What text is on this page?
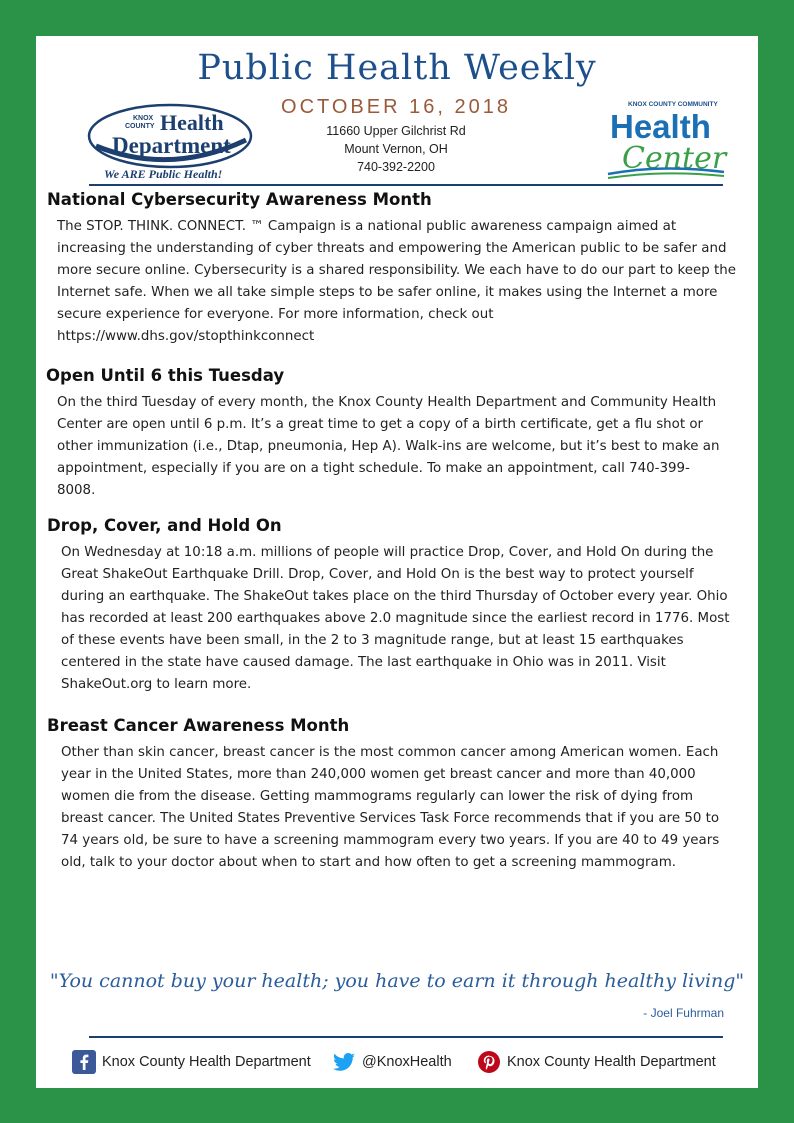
Public Health Weekly
KNOX
COUNTY Health
Department
We ARE Public Health!
OCTOBER 16, 2018
11660 Upper Gilchrist Rd
Mount Vernon, OH
740-392-2200
KNOX COUNTY COMMUNITY
Health
Center
National Cybersecurity Awareness Month

The STOP. THINK. CONNECT. ™ Campaign is a national public awareness campaign aimed at
increasing the understanding of cyber threats and empowering the American public to be safer and
more secure online. Cybersecurity is a shared responsibility. We each have to do our part to keep the
Internet safe. When we all take simple steps to be safer online, it makes using the Internet a more
secure experience for everyone. For more information, check out
https://www.dhs.gov/stopthinkconnect

Open Until 6 this Tuesday

On the third Tuesday of every month, the Knox County Health Department and Community Health
Center are open until 6 p.m. It’s a great time to get a copy of a birth certificate, get a flu shot or
other immunization (i.e., Dtap, pneumonia, Hep A). Walk-ins are welcome, but it’s best to make an
appointment, especially if you are on a tight schedule. To make an appointment, call 740-399-
8008.

Drop, Cover, and Hold On

On Wednesday at 10:18 a.m. millions of people will practice Drop, Cover, and Hold On during the
Great ShakeOut Earthquake Drill. Drop, Cover, and Hold On is the best way to protect yourself
during an earthquake. The ShakeOut takes place on the third Thursday of October every year. Ohio
has recorded at least 200 earthquakes above 2.0 magnitude since the earliest record in 1776. Most
of these events have been small, in the 2 to 3 magnitude range, but at least 15 earthquakes
centered in the state have caused damage. The last earthquake in Ohio was in 2011. Visit
ShakeOut.org to learn more.

Breast Cancer Awareness Month

Other than skin cancer, breast cancer is the most common cancer among American women. Each
year in the United States, more than 240,000 women get breast cancer and more than 40,000
women die from the disease. Getting mammograms regularly can lower the risk of dying from
breast cancer. The United States Preventive Services Task Force recommends that if you are 50 to
74 years old, be sure to have a screening mammogram every two years. If you are 40 to 49 years
old, talk to your doctor about when to start and how often to get a screening mammogram.

"You cannot buy your health; you have to earn it through healthy living"
- Joel Fuhrman
Knox County Health Department	@KnoxHealth	Knox County Health Department
